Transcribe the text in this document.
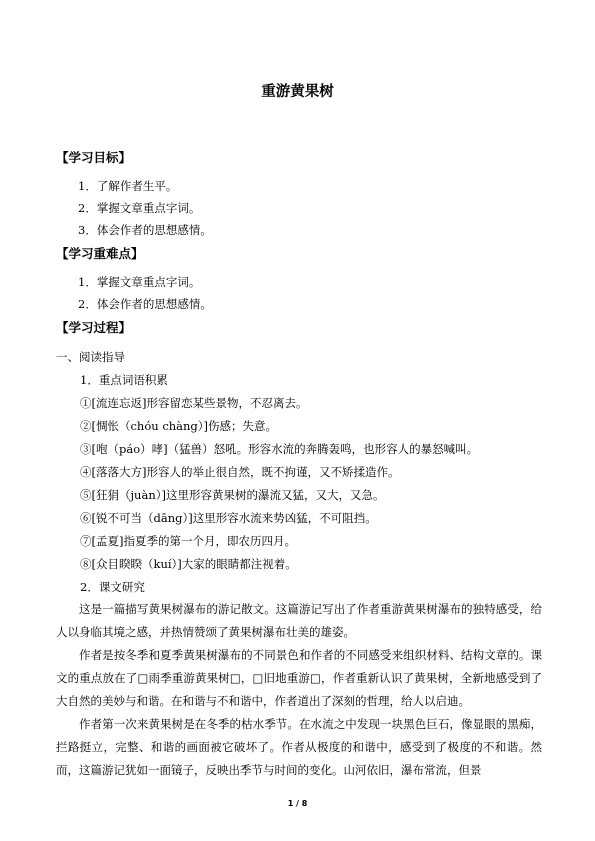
重游黄果树
【学习目标】
1．了解作者生平。
2．掌握文章重点字词。
3．体会作者的思想感情。
【学习重难点】
1．掌握文章重点字词。
2．体会作者的思想感情。
【学习过程】
一、阅读指导
1．重点词语积累
①[流连忘返]形容留恋某些景物，不忍离去。
②[惆怅（chóu chàng）]伤感；失意。
③[咆（páo）哮]（猛兽）怒吼。形容水流的奔腾轰鸣，也形容人的暴怒喊叫。
④[落落大方]形容人的举止很自然，既不拘谨，又不矫揉造作。
⑤[狂狷（juàn）]这里形容黄果树的瀑流又猛，又大，又急。
⑥[锐不可当（dāng）]这里形容水流来势凶猛，不可阻挡。
⑦[孟夏]指夏季的第一个月，即农历四月。
⑧[众目睽睽（kuí）]大家的眼睛都注视着。
2．课文研究
这是一篇描写黄果树瀑布的游记散文。这篇游记写出了作者重游黄果树瀑布的独特感受，给人以身临其境之感，并热情赞颂了黄果树瀑布壮美的雄姿。
作者是按冬季和夏季黄果树瀑布的不同景色和作者的不同感受来组织材料、结构文章的。课文的重点放在了□雨季重游黄果树□，□旧地重游□，作者重新认识了黄果树，全新地感受到了大自然的美妙与和谐。在和谐与不和谐中，作者道出了深刻的哲理，给人以启迪。
作者第一次来黄果树是在冬季的枯水季节。在水流之中发现一块黑色巨石，像显眼的黑痴，拦路挺立，完整、和谐的画面被它破坏了。作者从极度的和谐中，感受到了极度的不和谐。然而，这篇游记犹如一面镜子，反映出季节与时间的变化。山河依旧，瀑布常流，但景
1 / 8
